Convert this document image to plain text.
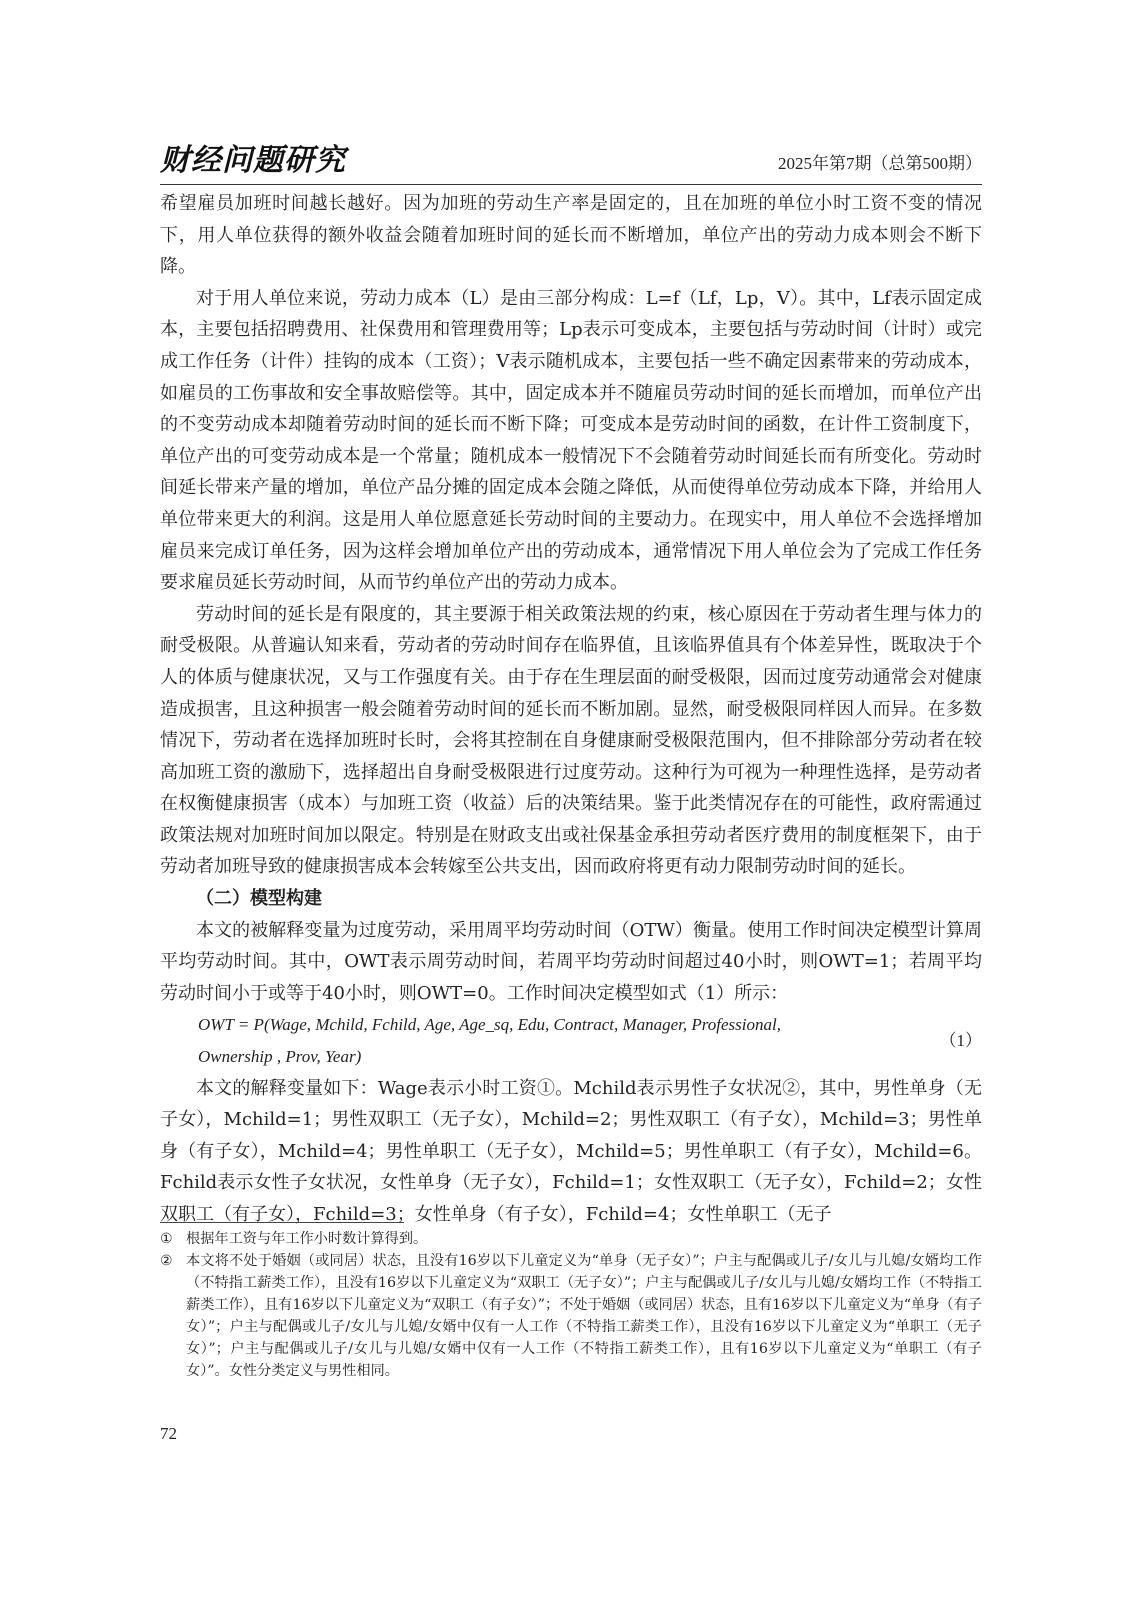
财经问题研究	2025年第7期（总第500期）

希望雇员加班时间越长越好。因为加班的劳动生产率是固定的，且在加班的单位小时工资不变的情况下，用人单位获得的额外收益会随着加班时间的延长而不断增加，单位产出的劳动力成本则会不断下降。

对于用人单位来说，劳动力成本（L）是由三部分构成：L=f（Lf，Lp，V）。其中，Lf表示固定成本，主要包括招聘费用、社保费用和管理费用等；Lp表示可变成本，主要包括与劳动时间（计时）或完成工作任务（计件）挂钩的成本（工资）；V表示随机成本，主要包括一些不确定因素带来的劳动成本，如雇员的工伤事故和安全事故赔偿等。其中，固定成本并不随雇员劳动时间的延长而增加，而单位产出的不变劳动成本却随着劳动时间的延长而不断下降；可变成本是劳动时间的函数，在计件工资制度下，单位产出的可变劳动成本是一个常量；随机成本一般情况下不会随着劳动时间延长而有所变化。劳动时间延长带来产量的增加，单位产品分摊的固定成本会随之降低，从而使得单位劳动成本下降，并给用人单位带来更大的利润。这是用人单位愿意延长劳动时间的主要动力。在现实中，用人单位不会选择增加雇员来完成订单任务，因为这样会增加单位产出的劳动成本，通常情况下用人单位会为了完成工作任务要求雇员延长劳动时间，从而节约单位产出的劳动力成本。

劳动时间的延长是有限度的，其主要源于相关政策法规的约束，核心原因在于劳动者生理与体力的耐受极限。从普遍认知来看，劳动者的劳动时间存在临界值，且该临界值具有个体差异性，既取决于个人的体质与健康状况，又与工作强度有关。由于存在生理层面的耐受极限，因而过度劳动通常会对健康造成损害，且这种损害一般会随着劳动时间的延长而不断加剧。显然，耐受极限同样因人而异。在多数情况下，劳动者在选择加班时长时，会将其控制在自身健康耐受极限范围内，但不排除部分劳动者在较高加班工资的激励下，选择超出自身耐受极限进行过度劳动。这种行为可视为一种理性选择，是劳动者在权衡健康损害（成本）与加班工资（收益）后的决策结果。鉴于此类情况存在的可能性，政府需通过政策法规对加班时间加以限定。特别是在财政支出或社保基金承担劳动者医疗费用的制度框架下，由于劳动者加班导致的健康损害成本会转嫁至公共支出，因而政府将更有动力限制劳动时间的延长。

（二）模型构建

本文的被解释变量为过度劳动，采用周平均劳动时间（OTW）衡量。使用工作时间决定模型计算周平均劳动时间。其中，OWT表示周劳动时间，若周平均劳动时间超过40小时，则OWT=1；若周平均劳动时间小于或等于40小时，则OWT=0。工作时间决定模型如式（1）所示：

OWT = P(Wage, Mchild, Fchild, Age, Age_sq, Edu, Contract, Manager, Professional,
Ownership , Prov, Year)
（1）

本文的解释变量如下：Wage表示小时工资①。Mchild表示男性子女状况②，其中，男性单身（无子女），Mchild=1；男性双职工（无子女），Mchild=2；男性双职工（有子女），Mchild=3；男性单身（有子女），Mchild=4；男性单职工（无子女），Mchild=5；男性单职工（有子女），Mchild=6。Fchild表示女性子女状况，女性单身（无子女），Fchild=1；女性双职工（无子女），Fchild=2；女性双职工（有子女），Fchild=3；女性单身（有子女），Fchild=4；女性单职工（无子

① 根据年工资与年工作小时数计算得到。
② 本文将不处于婚姻（或同居）状态，且没有16岁以下儿童定义为“单身（无子女）”；户主与配偶或儿子/女儿与儿媳/女婿均工作（不特指工薪类工作），且没有16岁以下儿童定义为“双职工（无子女）”；户主与配偶或儿子/女儿与儿媳/女婿均工作（不特指工薪类工作），且有16岁以下儿童定义为“双职工（有子女）”；不处于婚姻（或同居）状态，且有16岁以下儿童定义为“单身（有子女）”；户主与配偶或儿子/女儿与儿媳/女婿中仅有一人工作（不特指工薪类工作），且没有16岁以下儿童定义为“单职工（无子女）”；户主与配偶或儿子/女儿与儿媳/女婿中仅有一人工作（不特指工薪类工作），且有16岁以下儿童定义为“单职工（有子女）”。女性分类定义与男性相同。
72
